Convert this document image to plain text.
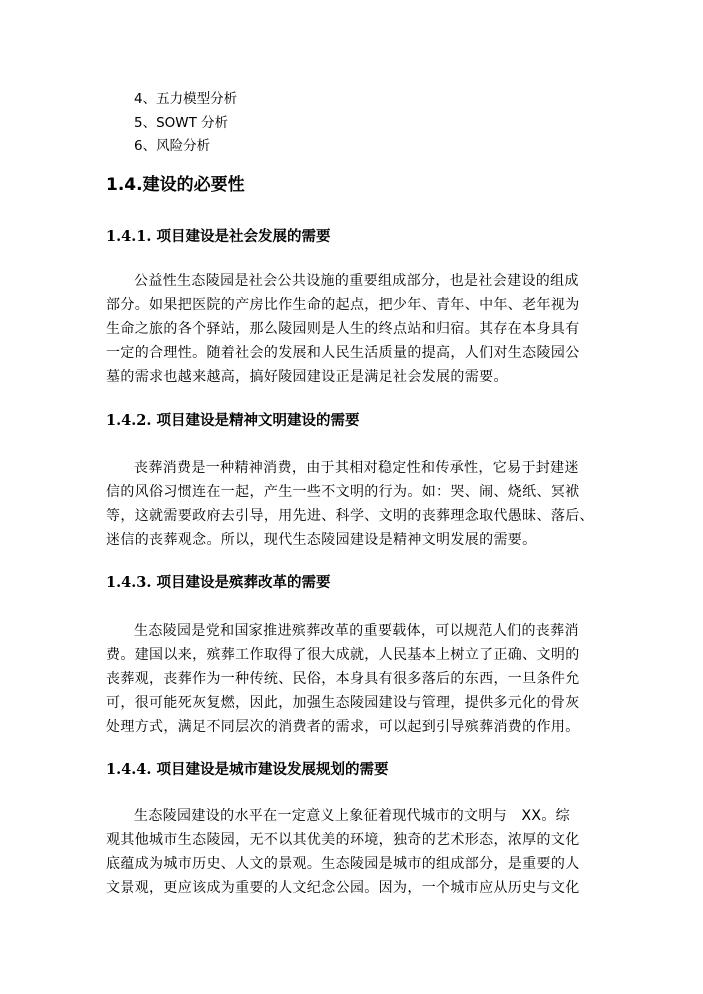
4、五力模型分析
5、SOWT 分析
6、风险分析
1.4.建设的必要性
1.4.1. 项目建设是社会发展的需要
公益性生态陵园是社会公共设施的重要组成部分，也是社会建设的组成
部分。如果把医院的产房比作生命的起点，把少年、青年、中年、老年视为
生命之旅的各个驿站，那么陵园则是人生的终点站和归宿。其存在本身具有
一定的合理性。随着社会的发展和人民生活质量的提高，人们对生态陵园公
墓的需求也越来越高，搞好陵园建设正是满足社会发展的需要。
1.4.2. 项目建设是精神文明建设的需要
丧葬消费是一种精神消费，由于其相对稳定性和传承性，它易于封建迷
信的风俗习惯连在一起，产生一些不文明的行为。如：哭、闹、烧纸、冥袱
等，这就需要政府去引导，用先进、科学、文明的丧葬理念取代愚昧、落后、
迷信的丧葬观念。所以，现代生态陵园建设是精神文明发展的需要。
1.4.3. 项目建设是殡葬改革的需要
生态陵园是党和国家推进殡葬改革的重要载体，可以规范人们的丧葬消
费。建国以来，殡葬工作取得了很大成就，人民基本上树立了正确、文明的
丧葬观，丧葬作为一种传统、民俗，本身具有很多落后的东西，一旦条件允
可，很可能死灰复燃，因此，加强生态陵园建设与管理，提供多元化的骨灰
处理方式，满足不同层次的消费者的需求，可以起到引导殡葬消费的作用。
1.4.4. 项目建设是城市建设发展规划的需要
生态陵园建设的水平在一定意义上象征着现代城市的文明与　XX。综
观其他城市生态陵园，无不以其优美的环境，独奇的艺术形态，浓厚的文化
底蕴成为城市历史、人文的景观。生态陵园是城市的组成部分，是重要的人
文景观，更应该成为重要的人文纪念公园。因为，一个城市应从历史与文化
